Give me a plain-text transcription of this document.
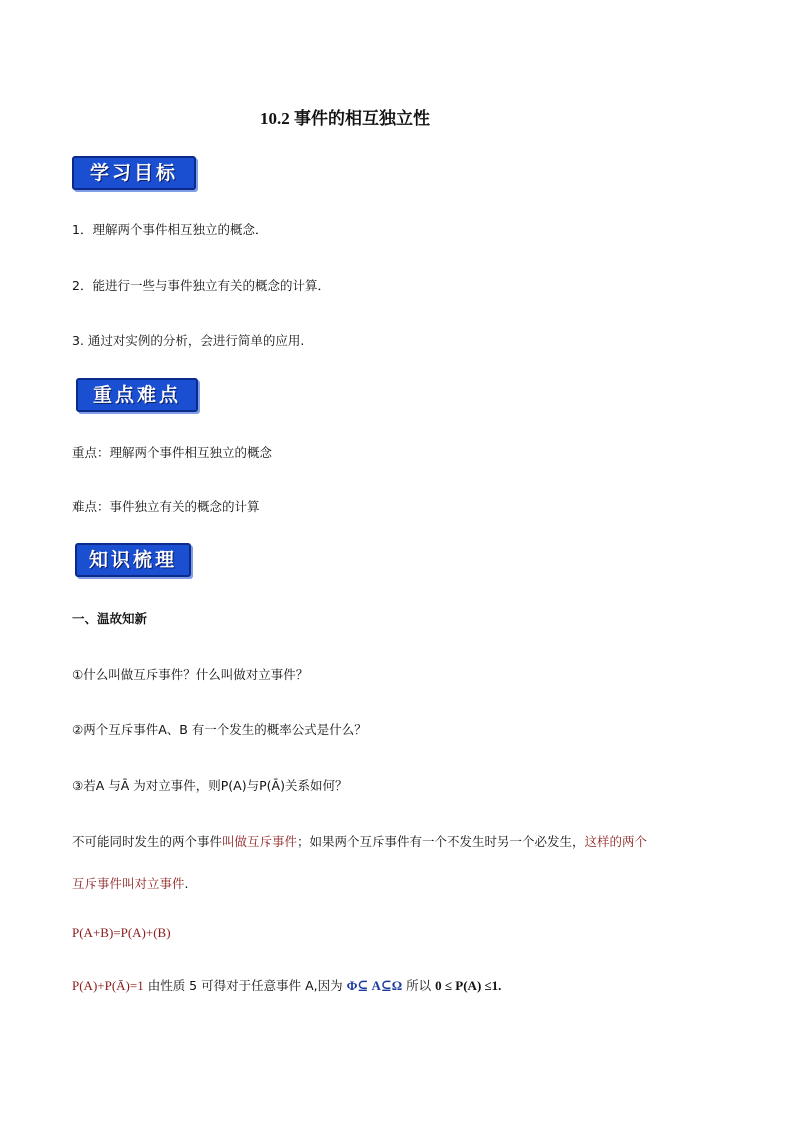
10.2 事件的相互独立性
学习目标
1．理解两个事件相互独立的概念．
2．能进行一些与事件独立有关的概念的计算．
3. 通过对实例的分析，会进行简单的应用.
重点难点
重点：理解两个事件相互独立的概念
难点：事件独立有关的概念的计算
知识梳理
一、温故知新
①什么叫做互斥事件？什么叫做对立事件？
②两个互斥事件A、B 有一个发生的概率公式是什么？
③若A 与Ā 为对立事件，则P(A)与P(Ā)关系如何？
不可能同时发生的两个事件叫做互斥事件；如果两个互斥事件有一个不发生时另一个必发生，这样的两个
互斥事件叫对立事件.
P(A+B)=P(A)+(B)
P(A)+P(Ā)=1 由性质 5 可得对于任意事件 A,因为 Φ⊆ A⊆Ω 所以 0 ≤ P(A) ≤1.
